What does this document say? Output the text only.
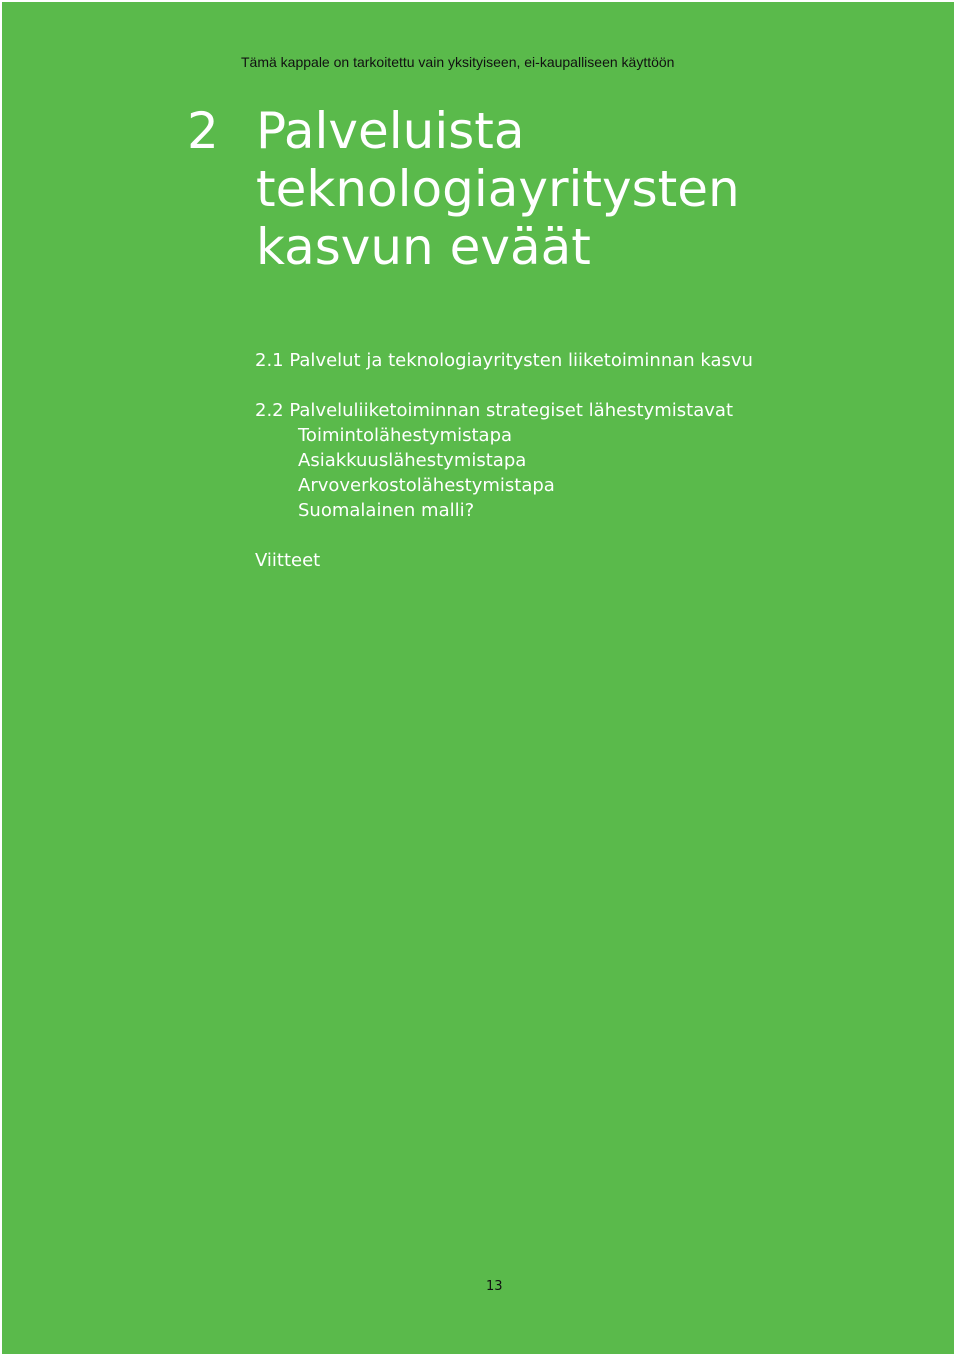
Tämä kappale on tarkoitettu vain yksityiseen, ei-kaupalliseen käyttöön
2 Palveluista
teknologiayritysten
kasvun eväät
2.1 Palvelut ja teknologiayritysten liiketoiminnan kasvu
2.2 Palveluliiketoiminnan strategiset lähestymistavat
Toimintolähestymistapa
Asiakkuuslähestymistapa
Arvoverkostolähestymistapa
Suomalainen malli?
Viitteet
13
